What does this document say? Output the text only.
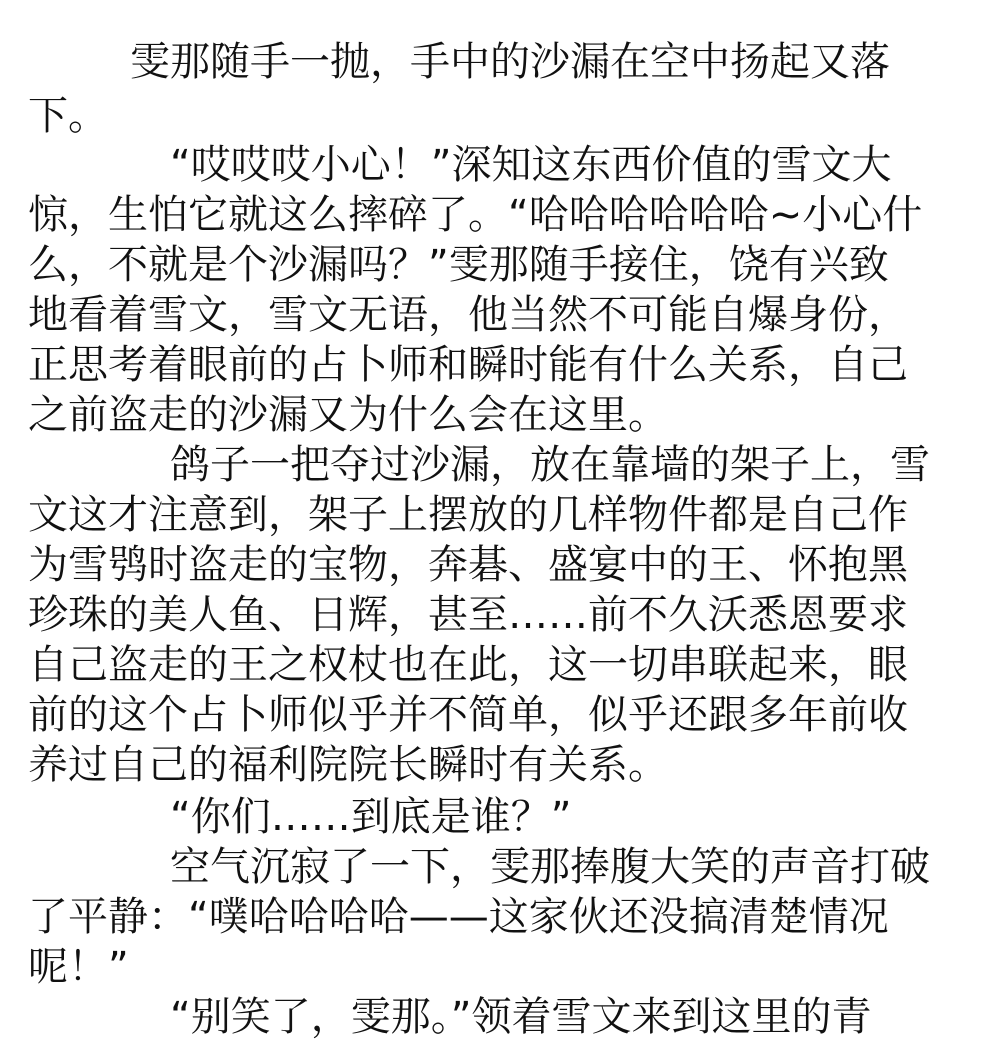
雯那随手一抛，手中的沙漏在空中扬起又落
下。
“哎哎哎小心！”深知这东西价值的雪文大
惊，生怕它就这么摔碎了。“哈哈哈哈哈哈~小心什
么，不就是个沙漏吗？”雯那随手接住，饶有兴致
地看着雪文，雪文无语，他当然不可能自爆身份，
正思考着眼前的占卜师和瞬时能有什么关系，自己
之前盗走的沙漏又为什么会在这里。
鸽子一把夺过沙漏，放在靠墙的架子上，雪
文这才注意到，架子上摆放的几样物件都是自己作
为雪鸮时盗走的宝物，奔碁、盛宴中的王、怀抱黑
珍珠的美人鱼、日辉，甚至……前不久沃悉恩要求
自己盗走的王之权杖也在此，这一切串联起来，眼
前的这个占卜师似乎并不简单，似乎还跟多年前收
养过自己的福利院院长瞬时有关系。
“你们……到底是谁？”
空气沉寂了一下，雯那捧腹大笑的声音打破
了平静：“噗哈哈哈哈——这家伙还没搞清楚情况
呢！”
“别笑了，雯那。”领着雪文来到这里的青
